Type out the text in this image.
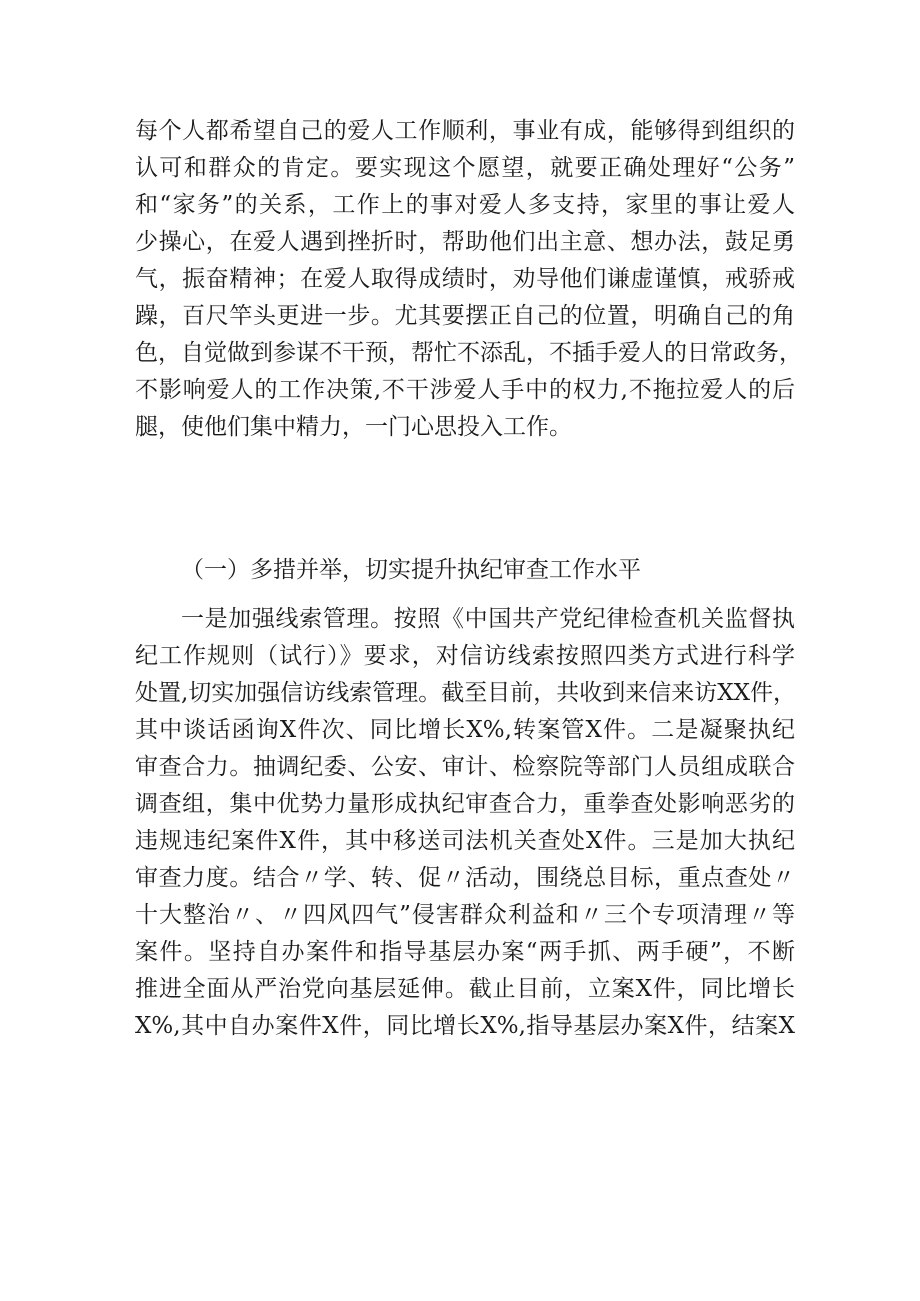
每个人都希望自己的爱人工作顺利，事业有成，能够得到组织的
认可和群众的肯定。要实现这个愿望，就要正确处理好“公务”
和“家务”的关系，工作上的事对爱人多支持，家里的事让爱人
少操心，在爱人遇到挫折时，帮助他们出主意、想办法，鼓足勇
气，振奋精神；在爱人取得成绩时，劝导他们谦虚谨慎，戒骄戒
躁，百尺竿头更进一步。尤其要摆正自己的位置，明确自己的角
色，自觉做到参谋不干预，帮忙不添乱，不插手爱人的日常政务，
不影响爱人的工作决策,不干涉爱人手中的权力,不拖拉爱人的后
腿，使他们集中精力，一门心思投入工作。
（一）多措并举，切实提升执纪审查工作水平
一是加强线索管理。按照《中国共产党纪律检查机关监督执
纪工作规则（试行）》要求，对信访线索按照四类方式进行科学
处置,切实加强信访线索管理。截至目前，共收到来信来访XX件，
其中谈话函询X件次、同比增长X%,转案管X件。二是凝聚执纪
审查合力。抽调纪委、公安、审计、检察院等部门人员组成联合
调查组，集中优势力量形成执纪审查合力，重拳查处影响恶劣的
违规违纪案件X件，其中移送司法机关查处X件。三是加大执纪
审查力度。结合〃学、转、促〃活动，围绕总目标，重点查处〃
十大整治〃、〃四风四气”侵害群众利益和〃三个专项清理〃等
案件。坚持自办案件和指导基层办案“两手抓、两手硬”，不断
推进全面从严治党向基层延伸。截止目前，立案X件，同比增长
X%,其中自办案件X件，同比增长X%,指导基层办案X件，结案X
